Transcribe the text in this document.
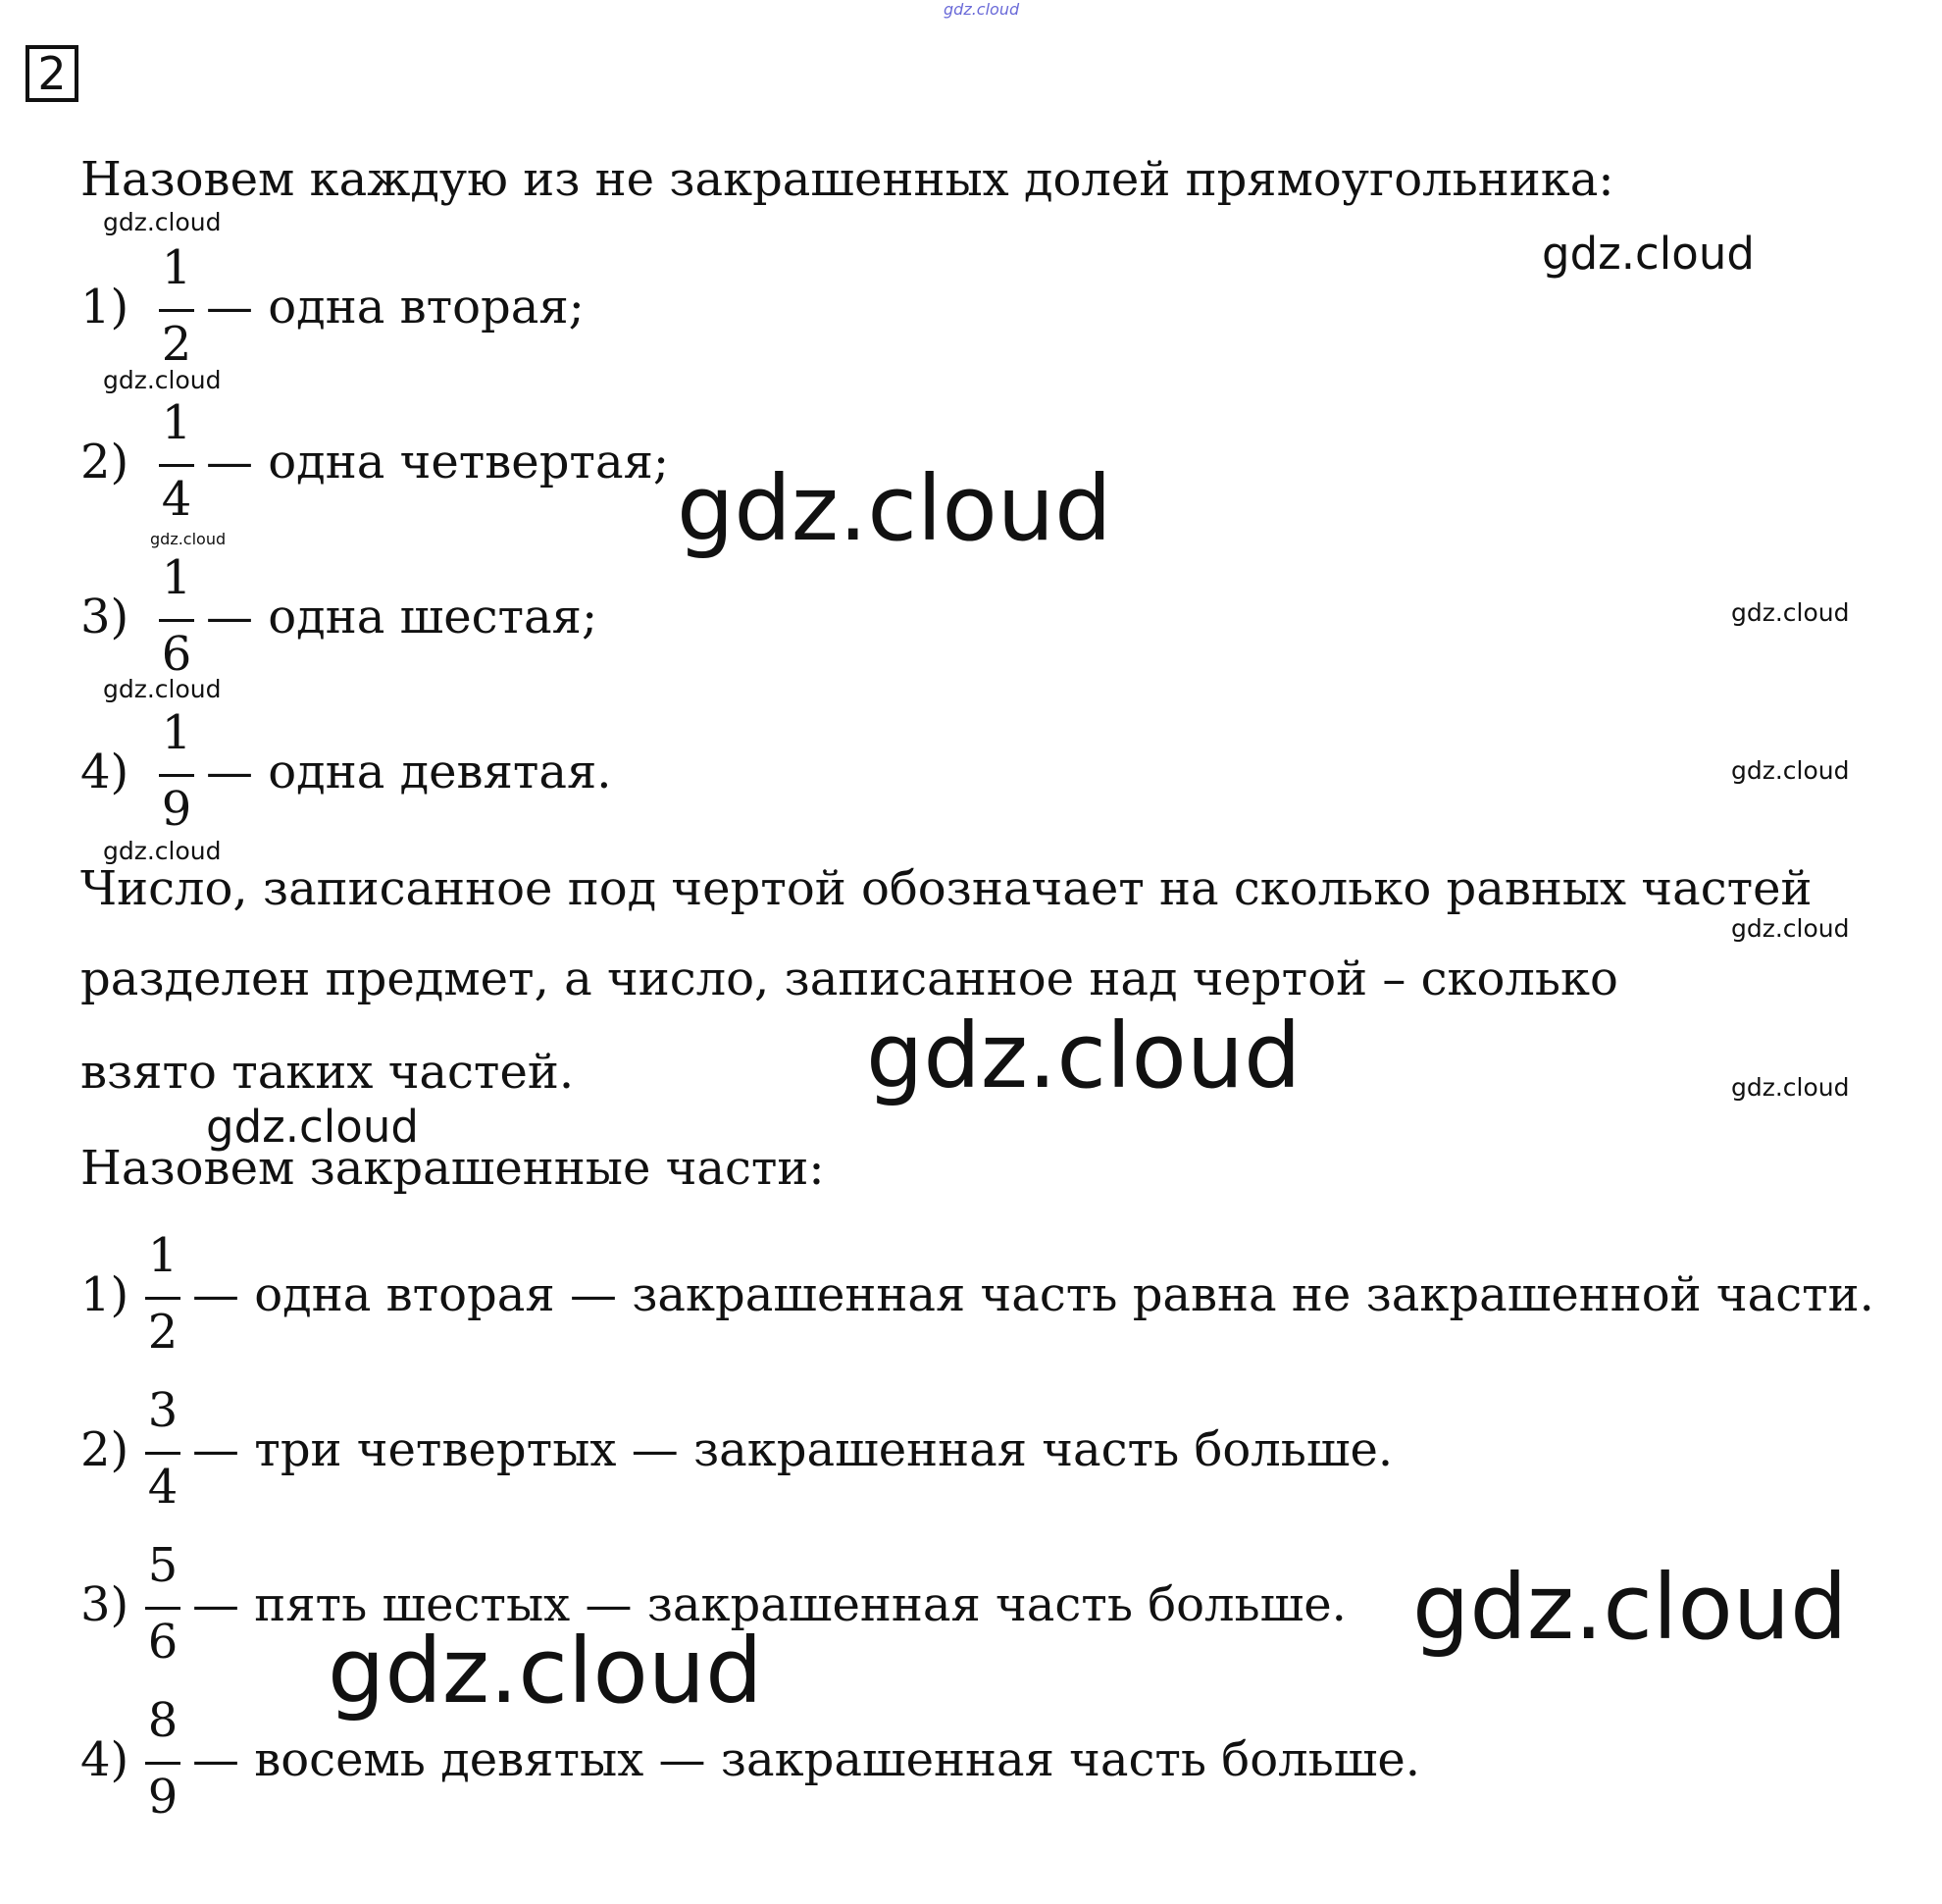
2
Назовем каждую из не закрашенных долей прямоугольника:
1)
1
2
— одна вторая;
2)
1
4
— одна четвертая;
3)
1
6
— одна шестая;
4)
1
9
— одна девятая.
Число, записанное под чертой обозначает на сколько равных частей
разделен предмет, а число, записанное над чертой – сколько
взято таких частей.
Назовем закрашенные части:
1)
1
2
— одна вторая — закрашенная часть равна не закрашенной части.
2)
3
4
— три четвертых — закрашенная часть больше.
3)
5
6
— пять шестых — закрашенная часть больше.
4)
8
9
— восемь девятых — закрашенная часть больше.
gdz.cloud
gdz.cloud
gdz.cloud
gdz.cloud
gdz.cloud
gdz.cloud
gdz.cloud
gdz.cloud
gdz.cloud
gdz.cloud
gdz.cloud
gdz.cloud	gdz.cloud
gdz.cloud
gdz.cloud
gdz.cloud
